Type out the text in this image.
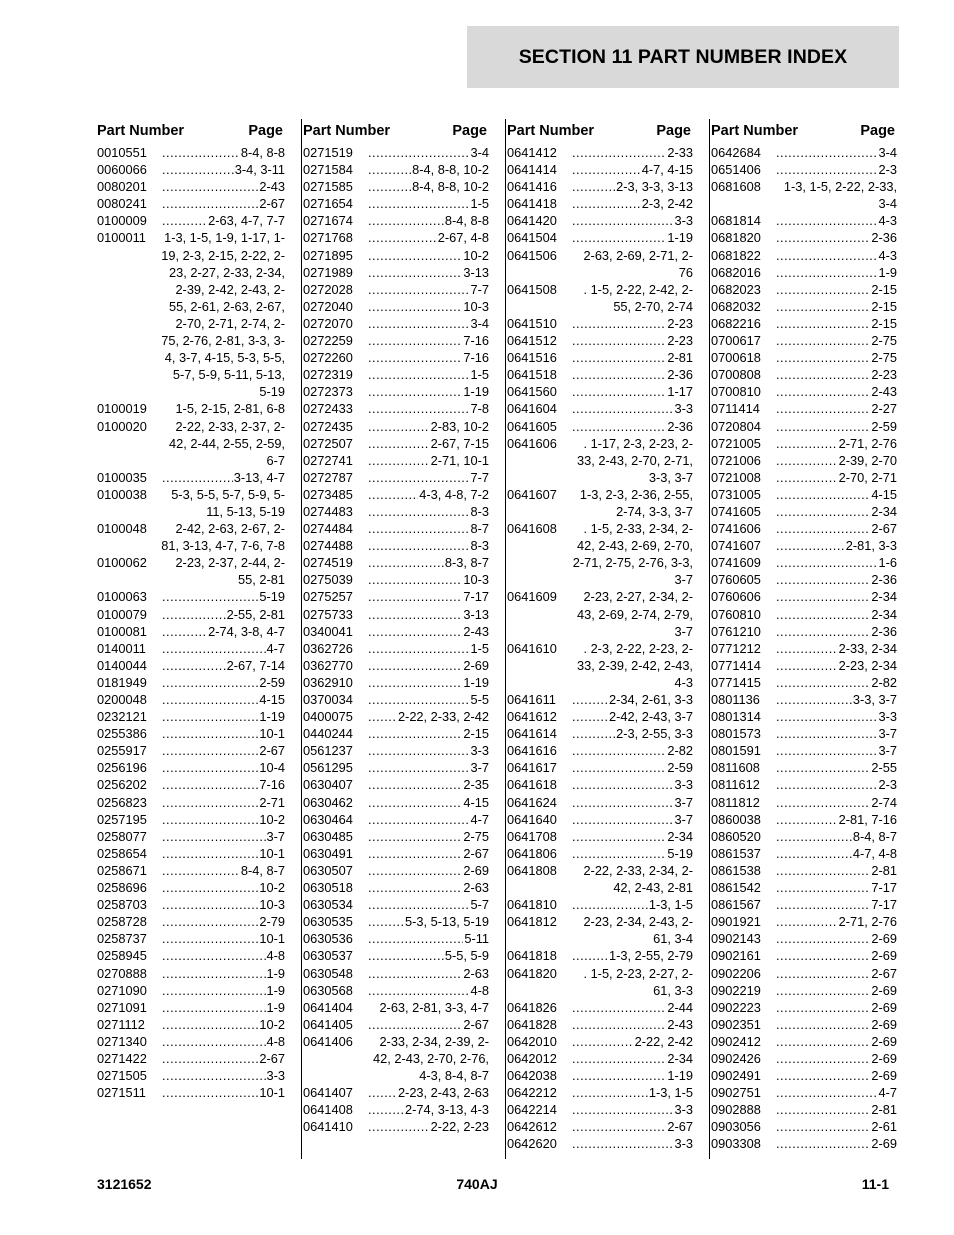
SECTION 11 PART NUMBER INDEX
Part Number	Page
0010551 .....	8-4, 8-8
0060066 .....	3-4, 3-11
0080201 .....	2-43
0080241 .....	2-67
0100009 .....	2-63, 4-7, 7-7
0100011	1-3, 1-5, 1-9, 1-17, 1-19, 2-3, 2-15, 2-22, 2-23, 2-27, 2-33, 2-34, 2-39, 2-42, 2-43, 2-55, 2-61, 2-63, 2-67, 2-70, 2-71, 2-74, 2-75, 2-76, 2-81, 3-3, 3-4, 3-7, 4-15, 5-3, 5-5, 5-7, 5-9, 5-11, 5-13, 5-19
0100019	1-5, 2-15, 2-81, 6-8
0100020	2-22, 2-33, 2-37, 2-42, 2-44, 2-55, 2-59, 6-7
0100035 .....	3-13, 4-7
0100038	5-3, 5-5, 5-7, 5-9, 5-11, 5-13, 5-19
0100048	2-42, 2-63, 2-67, 2-81, 3-13, 4-7, 7-6, 7-8
0100062	2-23, 2-37, 2-44, 2-55, 2-81
0100063 .....	5-19
0100079 .....	2-55, 2-81
0100081 .....	2-74, 3-8, 4-7
0140011 .....	4-7
0140044 .....	2-67, 7-14
0181949 .....	2-59
0200048 .....	4-15
0232121 .....	1-19
0255386 .....	10-1
0255917 .....	2-67
0256196 .....	10-4
0256202 .....	7-16
0256823 .....	2-71
0257195 .....	10-2
0258077 .....	3-7
0258654 .....	10-1
0258671 .....	8-4, 8-7
0258696 .....	10-2
0258703 .....	10-3
0258728 .....	2-79
0258737 .....	10-1
0258945 .....	4-8
0270888 .....	1-9
0271090 .....	1-9
0271091 .....	1-9
0271112 .....	10-2
0271340 .....	4-8
0271422 .....	2-67
0271505 .....	3-3
0271511 .....	10-1
Part Number	Page
0271519 .....	3-4
0271584 .....	8-4, 8-8, 10-2
0271585 .....	8-4, 8-8, 10-2
0271654 .....	1-5
0271674 .....	8-4, 8-8
0271768 .....	2-67, 4-8
0271895 .....	10-2
0271989 .....	3-13
0272028 .....	7-7
0272040 .....	10-3
0272070 .....	3-4
0272259 .....	7-16
0272260 .....	7-16
0272319 .....	1-5
0272373 .....	1-19
0272433 .....	7-8
0272435 .....	2-83, 10-2
0272507 .....	2-67, 7-15
0272741 .....	2-71, 10-1
0272787 .....	7-7
0273485 .....	4-3, 4-8, 7-2
0274483 .....	8-3
0274484 .....	8-7
0274488 .....	8-3
0274519 .....	8-3, 8-7
0275039 .....	10-3
0275257 .....	7-17
0275733 .....	3-13
0340041 .....	2-43
0362726 .....	1-5
0362770 .....	2-69
0362910 .....	1-19
0370034 .....	5-5
0400075 .....	2-22, 2-33, 2-42
0440244 .....	2-15
0561237 .....	3-3
0561295 .....	3-7
0630407 .....	2-35
0630462 .....	4-15
0630464 .....	4-7
0630485 .....	2-75
0630491 .....	2-67
0630507 .....	2-69
0630518 .....	2-63
0630534 .....	5-7
0630535 .....	5-3, 5-13, 5-19
0630536 .....	5-11
0630537 .....	5-5, 5-9
0630548 .....	2-63
0630568 .....	4-8
0641404	2-63, 2-81, 3-3, 4-7
0641405 .....	2-67
0641406	2-33, 2-34, 2-39, 2-42, 2-43, 2-70, 2-76, 4-3, 8-4, 8-7
0641407 .....	2-23, 2-43, 2-63
0641408 .....	2-74, 3-13, 4-3
0641410 .....	2-22, 2-23
Part Number	Page
0641412 .....	2-33
0641414 .....	4-7, 4-15
0641416 .....	2-3, 3-3, 3-13
0641418 .....	2-3, 2-42
0641420 .....	3-3
0641504 .....	1-19
0641506	2-63, 2-69, 2-71, 2-76
0641508	. 1-5, 2-22, 2-42, 2-55, 2-70, 2-74
0641510 .....	2-23
0641512 .....	2-23
0641516 .....	2-81
0641518 .....	2-36
0641560 .....	1-17
0641604 .....	3-3
0641605 .....	2-36
0641606	. 1-17, 2-3, 2-23, 2-33, 2-43, 2-70, 2-71, 3-3, 3-7
0641607	1-3, 2-3, 2-36, 2-55, 2-74, 3-3, 3-7
0641608	. 1-5, 2-33, 2-34, 2-42, 2-43, 2-69, 2-70, 2-71, 2-75, 2-76, 3-3, 3-7
0641609	2-23, 2-27, 2-34, 2-43, 2-69, 2-74, 2-79, 3-7
0641610	. 2-3, 2-22, 2-23, 2-33, 2-39, 2-42, 2-43, 4-3
0641611 .....	2-34, 2-61, 3-3
0641612 .....	2-42, 2-43, 3-7
0641614 .....	2-3, 2-55, 3-3
0641616 .....	2-82
0641617 .....	2-59
0641618 .....	3-3
0641624 .....	3-7
0641640 .....	3-7
0641708 .....	2-34
0641806 .....	5-19
0641808	2-22, 2-33, 2-34, 2-42, 2-43, 2-81
0641810 .....	1-3, 1-5
0641812	2-23, 2-34, 2-43, 2-61, 3-4
0641818 .....	1-3, 2-55, 2-79
0641820	. 1-5, 2-23, 2-27, 2-61, 3-3
0641826 .....	2-44
0641828 .....	2-43
0642010 .....	2-22, 2-42
0642012 .....	2-34
0642038 .....	1-19
0642212 .....	1-3, 1-5
0642214 .....	3-3
0642612 .....	2-67
0642620 .....	3-3
Part Number	Page
0642684 .....	3-4
0651406 .....	2-3
0681608	1-3, 1-5, 2-22, 2-33, 3-4
0681814 .....	4-3
0681820 .....	2-36
0681822 .....	4-3
0682016 .....	1-9
0682023 .....	2-15
0682032 .....	2-15
0682216 .....	2-15
0700617 .....	2-75
0700618 .....	2-75
0700808 .....	2-23
0700810 .....	2-43
0711414 .....	2-27
0720804 .....	2-59
0721005 .....	2-71, 2-76
0721006 .....	2-39, 2-70
0721008 .....	2-70, 2-71
0731005 .....	4-15
0741605 .....	2-34
0741606 .....	2-67
0741607 .....	2-81, 3-3
0741609 .....	1-6
0760605 .....	2-36
0760606 .....	2-34
0760810 .....	2-34
0761210 .....	2-36
0771212 .....	2-33, 2-34
0771414 .....	2-23, 2-34
0771415 .....	2-82
0801136 .....	3-3, 3-7
0801314 .....	3-3
0801573 .....	3-7
0801591 .....	3-7
0811608 .....	2-55
0811612 .....	2-3
0811812 .....	2-74
0860038 .....	2-81, 7-16
0860520 .....	8-4, 8-7
0861537 .....	4-7, 4-8
0861538 .....	2-81
0861542 .....	7-17
0861567 .....	7-17
0901921 .....	2-71, 2-76
0902143 .....	2-69
0902161 .....	2-69
0902206 .....	2-67
0902219 .....	2-69
0902223 .....	2-69
0902351 .....	2-69
0902412 .....	2-69
0902426 .....	2-69
0902491 .....	2-69
0902751 .....	4-7
0902888 .....	2-81
0903056 .....	2-61
0903308 .....	2-69
3121652	740AJ	11-1
